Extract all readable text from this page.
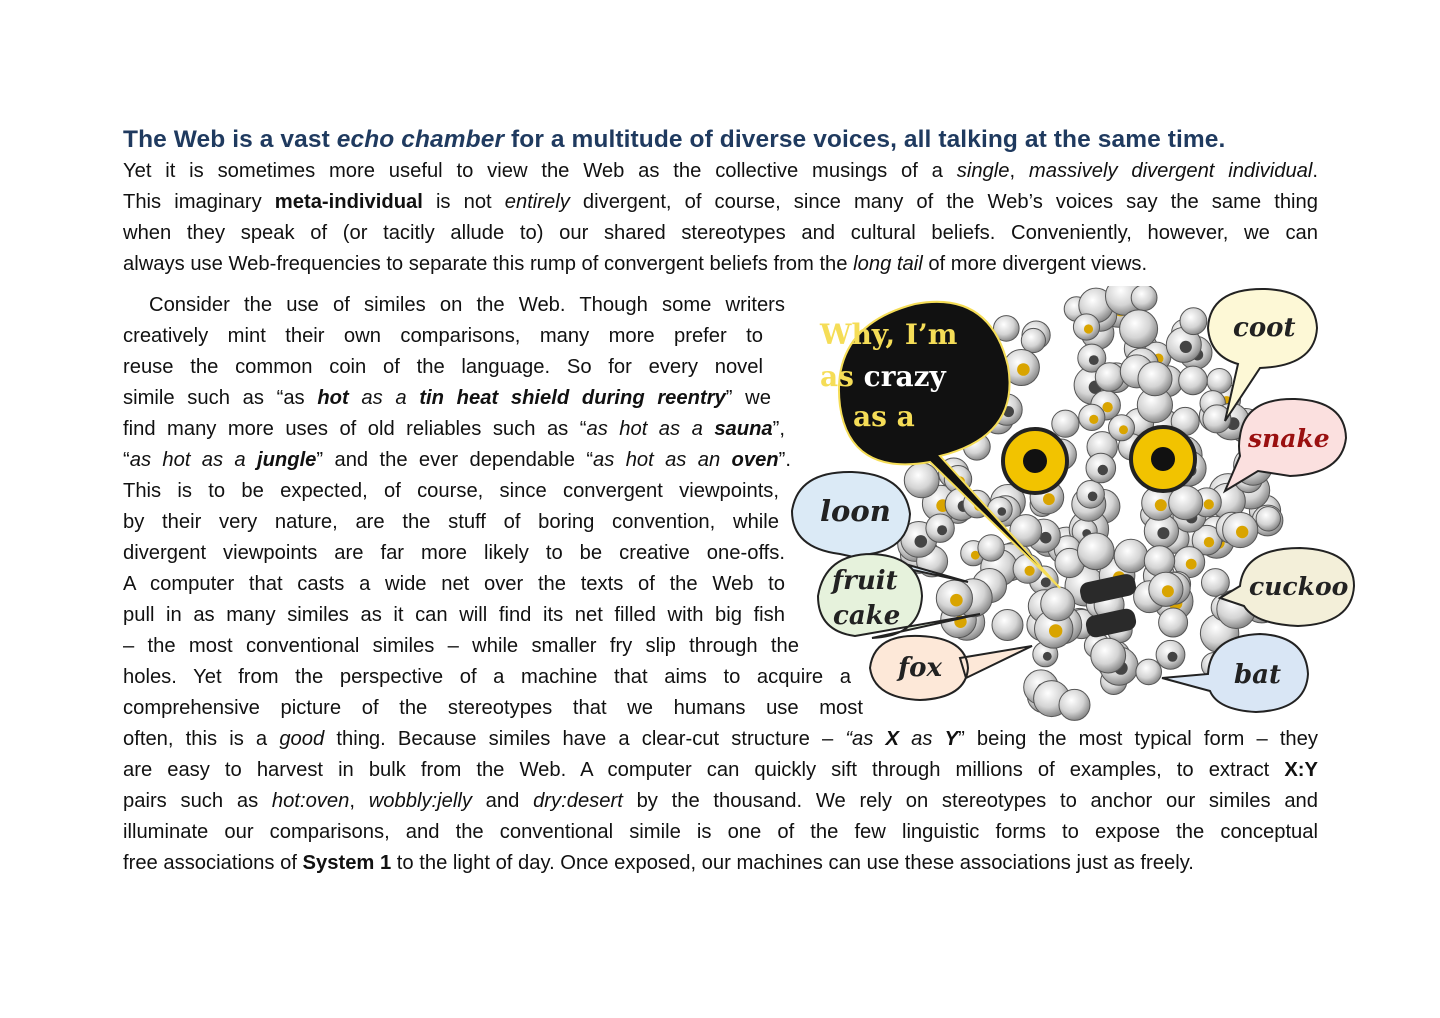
The Web is a vast echo chamber for a multitude of diverse voices, all talking at the same time.

Yet it is sometimes more useful to view the Web as the collective musings of a single, massively divergent individual.
This imaginary meta-individual is not entirely divergent, of course, since many of the Web’s voices say the same thing
when they speak of (or tacitly allude to) our shared stereotypes and cultural beliefs. Conveniently, however, we can
always use Web-frequencies to separate this rump of convergent beliefs from the long tail of more divergent views.

Consider the use of similes on the Web. Though some writers
creatively mint their own comparisons, many more prefer to
reuse the common coin of the language. So for every novel
simile such as “as hot as a tin heat shield during reentry” we
find many more uses of old reliables such as “as hot as a sauna”,
“as hot as a jungle” and the ever dependable “as hot as an oven”.
This is to be expected, of course, since convergent viewpoints,
by their very nature, are the stuff of boring convention, while
divergent viewpoints are far more likely to be creative one-offs.
A computer that casts a wide net over the texts of the Web to
pull in as many similes as it can will find its net filled with big fish
– the most conventional similes – while smaller fry slip through the
holes. Yet from the perspective of a machine that aims to acquire a
comprehensive picture of the stereotypes that we humans use most
often, this is a good thing. Because similes have a clear-cut structure – “as X as Y” being the most typical form – they
are easy to harvest in bulk from the Web. A computer can quickly sift through millions of examples, to extract X:Y
pairs such as hot:oven, wobbly:jelly and dry:desert by the thousand. We rely on stereotypes to anchor our similes and
illuminate our comparisons, and the conventional simile is one of the few linguistic forms to expose the conceptual
free associations of System 1 to the light of day. Once exposed, our machines can use these associations just as freely.

Why, I’m
as crazy
as a
coot
snake
loon
fruit
cake
fox
cuckoo
bat
